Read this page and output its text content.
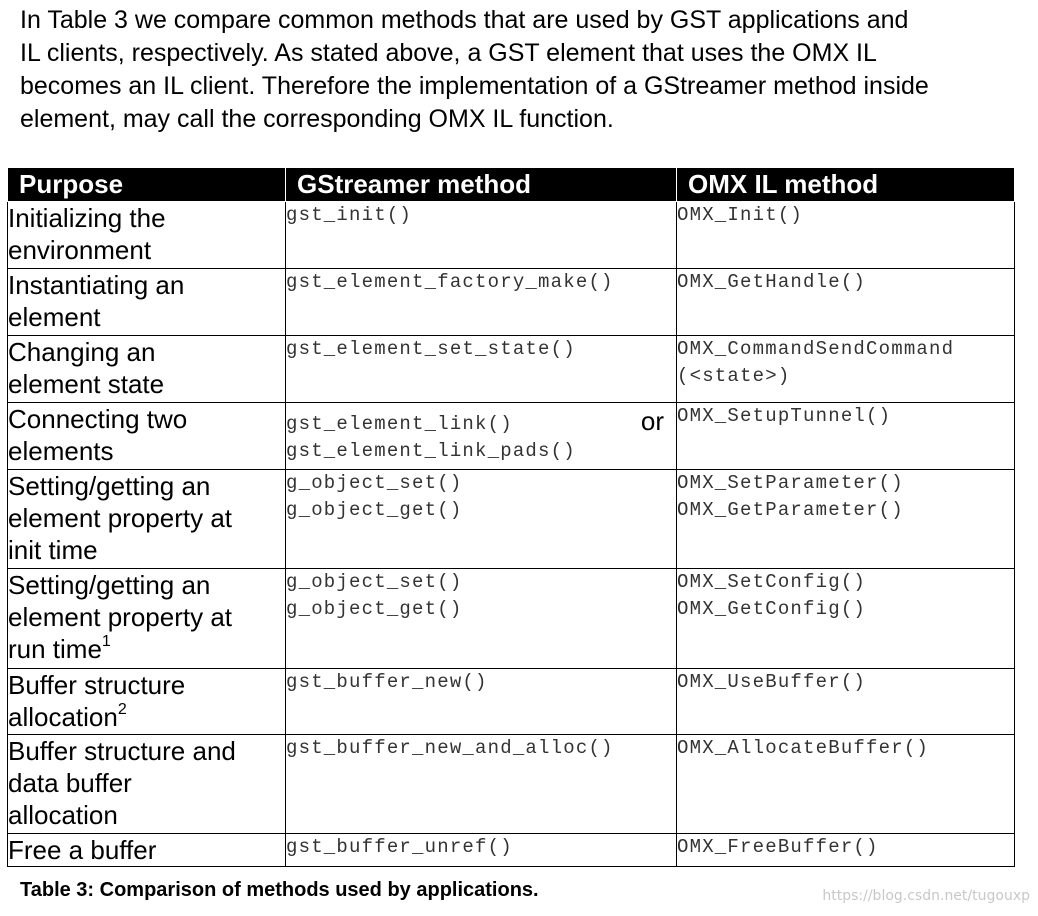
In Table 3 we compare common methods that are used by GST applications and
IL clients, respectively. As stated above, a GST element that uses the OMX IL
becomes an IL client. Therefore the implementation of a GStreamer method inside
element, may call the corresponding OMX IL function.
Purpose	GStreamer method	OMX IL method

Initializing the
environment	gst_init()	OMX_Init()

Instantiating an
element	gst_element_factory_make()	OMX_GetHandle()

Changing an
element state	gst_element_set_state()	OMX_CommandSendCommand
(<state>)

Connecting two
elements	gst_element_link() or
gst_element_link_pads()	OMX_SetupTunnel()

Setting/getting an
element property at
init time	g_object_set()
g_object_get()	OMX_SetParameter()
OMX_GetParameter()

Setting/getting an
element property at
run time$^1$	g_object_set()
g_object_get()	OMX_SetConfig()
OMX_GetConfig()

Buffer structure
allocation$^2$	gst_buffer_new()	OMX_UseBuffer()

Buffer structure and
data buffer
allocation	gst_buffer_new_and_alloc()	OMX_AllocateBuffer()

Free a buffer	gst_buffer_unref()	OMX_FreeBuffer()
Table 3: Comparison of methods used by applications.	https://blog.csdn.net/tugouxp
